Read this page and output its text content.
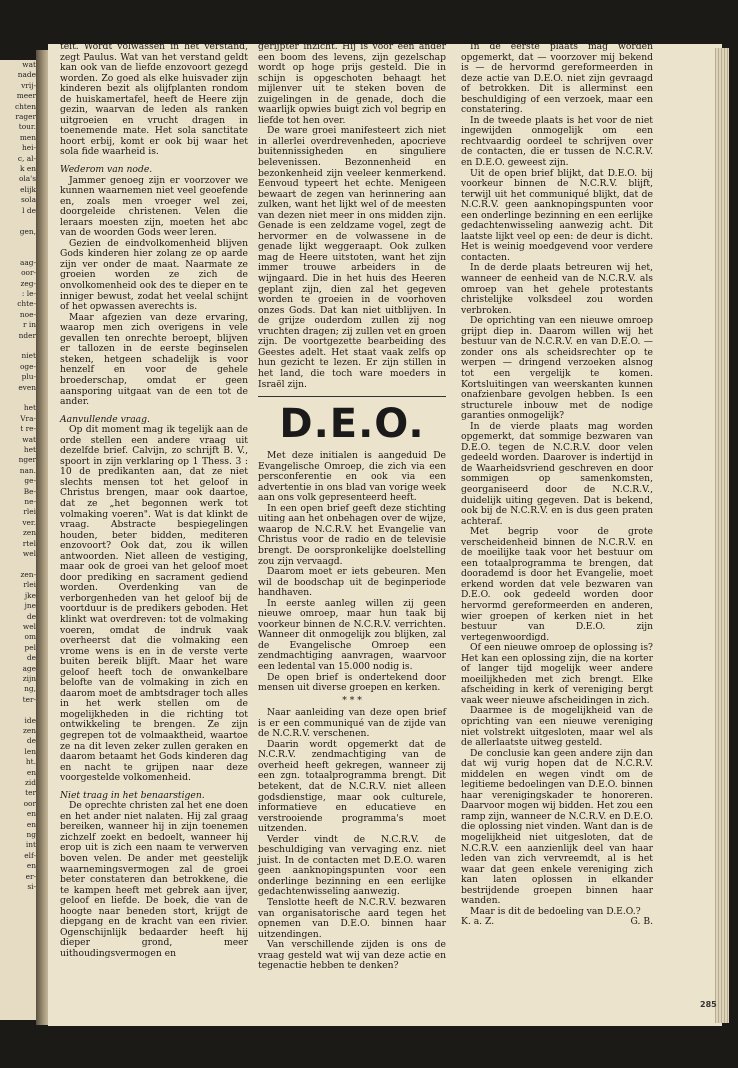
wat
nade
vrij-
meer
chten
rager
tour.
men
hei-
c, al-
k en
ola's
elijk
sola
l de

gen,

aag-
oor-
zeg-
: le-
chte-
noe-
r in
nder

niet
oge-
plu-
even

het
Vra-
t re-
wat
het
nger
nan.
ge-
Be-
ne-
rlei
ver.
zen
rtel
wel

zen-
rlei
jke
jne
de
wel
om
pel
de
age
zijn
ng,
ter-

ide
zen
de
len
ht.
en
zid
ter
oor
en
en
ng
int
elf-
en
er-
si-

teit. Wordt volwassen in het verstand, zegt Paulus. Wat van het verstand geldt kan ook van de liefde enzovoort gezegd worden. Zo goed als elke huisvader zijn kinderen bezit als olijfplanten rondom de huiskamertafel, heeft de Heere zijn gezin, waarvan de leden als ranken uitgroeien en vrucht dragen in toenemende mate. Het sola sanctitate hoort erbij, komt er ook bij waar het sola fide waarheid is.

Wederom van node.

Jammer genoeg zijn er voorzover we kunnen waarnemen niet veel geoefende en, zoals men vroeger wel zei, doorgeleide christenen. Velen die leraars moesten zijn, moeten het abc van de woorden Gods weer leren.

Gezien de eindvolkomenheid blijven Gods kinderen hier zolang ze op aarde zijn ver onder de maat. Naarmate ze groeien worden ze zich de onvolkomenheid ook des te dieper en te inniger bewust, zodat het veelal schijnt of het opwassen averechts is.

Maar afgezien van deze ervaring, waarop men zich overigens in vele gevallen ten onrechte beroept, blijven er tallozen in de eerste beginselen steken, hetgeen schadelijk is voor henzelf en voor de gehele broederschap, omdat er geen aansporing uitgaat van de een tot de ander.

Aanvullende vraag.

Op dit moment mag ik tegelijk aan de orde stellen een andere vraag uit dezelfde brief. Calvijn, zo schrijft B. V., spoort in zijn verklaring op 1 Thess. 3 : 10 de predikanten aan, dat ze niet slechts mensen tot het geloof in Christus brengen, maar ook daartoe, dat ze „het begonnen werk tot volmaking voeren". Wat is dat klinkt de vraag. Abstracte bespiegelingen houden, beter bidden, mediteren enzovoort? Ook dat, zou ik willen antwoorden. Niet alleen de vestiging, maar ook de groei van het geloof moet door prediking en sacrament gediend worden. Overdenking van de verborgenheden van het geloof bij de voortduur is de predikers geboden. Het klinkt wat overdreven: tot de volmaking voeren, omdat de indruk vaak overheerst dat die volmaking een vrome wens is en in de verste verte buiten bereik blijft. Maar het ware geloof heeft toch de onwankelbare belofte van de volmaking in zich en daarom moet de ambtsdrager toch alles in het werk stellen om de mogelijkheden in die richting tot ontwikkeling te brengen. Ze zijn gegrepen tot de volmaaktheid, waartoe ze na dit leven zeker zullen geraken en daarom betaamt het Gods kinderen dag en nacht te grijpen naar deze voorgestelde volkomenheid.

Niet traag in het benaarstigen.

De oprechte christen zal het ene doen en het ander niet nalaten. Hij zal graag bereiken, wanneer hij in zijn toenemen zichzelf zoekt en bedoelt, wanneer hij erop uit is zich een naam te verwerven boven velen. De ander met geestelijk waarnemingsvermogen zal de groei beter constateren dan betrokkene, die te kampen heeft met gebrek aan ijver, geloof en liefde. De boek, die van de hoogte naar beneden stort, krijgt de diepgang en de kracht van een rivier. Ogenschijnlijk bedaarder heeft hij dieper grond, meer uithoudingsvermogen en

gerijpter inzicht. Hij is voor een ander een boom des levens, zijn gezelschap wordt op hoge prijs gesteld. Die in schijn is opgeschoten behaagt het mijlenver uit te steken boven de zuigelingen in de genade, doch die waarlijk opwies buigt zich vol begrip en liefde tot hen over.

De ware groei manifesteert zich niet in allerlei overdrevenheden, apocrieve buitennissigheden en singuliere belevenissen. Bezonnenheid en bezonkenheid zijn veeleer kenmerkend. Eenvoud typeert het echte. Menigeen bewaart de zegen van herinnering aan zulken, want het lijkt wel of de meesten van dezen niet meer in ons midden zijn. Genade is een zeldzame vogel, zegt de hervormer en de volwassene in de genade lijkt weggeraapt. Ook zulken mag de Heere uitstoten, want het zijn immer trouwe arbeiders in de wijngaard. Die in het huis des Heeren geplant zijn, dien zal het gegeven worden te groeien in de voorhoven onzes Gods. Dat kan niet uitblijven. In de grijze ouderdom zullen zij nog vruchten dragen; zij zullen vet en groen zijn. De voortgezette bearbeiding des Geestes adelt. Het staat vaak zelfs op hun gezicht te lezen. Er zijn stillen in het land, die toch ware moeders in Israël zijn.

D.E.O.

Met deze initialen is aangeduid De Evangelische Omroep, die zich via een persconferentie en ook via een advertentie in ons blad van vorige week aan ons volk gepresenteerd heeft.

In een open brief geeft deze stichting uiting aan het onbehagen over de wijze, waarop de N.C.R.V. het Evangelie van Christus voor de radio en de televisie brengt. De oorspronkelijke doelstelling zou zijn vervaagd.

Daarom moet er iets gebeuren. Men wil de boodschap uit de beginperiode handhaven.

In eerste aanleg willen zij geen nieuwe omroep, maar hun taak bij voorkeur binnen de N.C.R.V. verrichten. Wanneer dit onmogelijk zou blijken, zal de Evangelische Omroep een zendmachtiging aanvragen, waarvoor een ledental van 15.000 nodig is.

De open brief is ondertekend door mensen uit diverse groepen en kerken.

* * *

Naar aanleiding van deze open brief is er een communiqué van de zijde van de N.C.R.V. verschenen.

Daarin wordt opgemerkt dat de N.C.R.V. zendmachtiging van de overheid heeft gekregen, wanneer zij een zgn. totaalprogramma brengt. Dit betekent, dat de N.C.R.V. niet alleen godsdienstige, maar ook culturele, informatieve en educatieve en verstrooiende programma's moet uitzenden.

Verder vindt de N.C.R.V. de beschuldiging van vervaging enz. niet juist. In de contacten met D.E.O. waren geen aanknopingspunten voor een onderlinge bezinning en een eerlijke gedachtenwisseling aanwezig.

Tenslotte heeft de N.C.R.V. bezwaren van organisatorische aard tegen het opnemen van D.E.O. binnen haar uitzendingen.

Van verschillende zijden is ons de vraag gesteld wat wij van deze actie en tegenactie hebben te denken?

In de eerste plaats mag worden opgemerkt, dat — voorzover mij bekend is — de hervormd gereformeerden in deze actie van D.E.O. niet zijn gevraagd of betrokken. Dit is allerminst een beschuldiging of een verzoek, maar een constatering.

In de tweede plaats is het voor de niet ingewijden onmogelijk om een rechtvaardig oordeel te schrijven over de contacten, die er tussen de N.C.R.V. en D.E.O. geweest zijn.

Uit de open brief blijkt, dat D.E.O. bij voorkeur binnen de N.C.R.V. blijft, terwijl uit het communiqué blijkt, dat de N.C.R.V. geen aanknopingspunten voor een onderlinge bezinning en een eerlijke gedachtenwisseling aanwezig acht. Dit laatste lijkt veel op een: de deur is dicht. Het is weinig moedgevend voor verdere contacten.

In de derde plaats betreuren wij het, wanneer de eenheid van de N.C.R.V. als omroep van het gehele protestants christelijke volksdeel zou worden verbroken.

De oprichting van een nieuwe omroep grijpt diep in. Daarom willen wij het bestuur van de N.C.R.V. en van D.E.O. — zonder ons als scheidsrechter op te werpen — dringend verzoeken alsnog tot een vergelijk te komen. Kortsluitingen van weerskanten kunnen onafzienbare gevolgen hebben. Is een structurele inbouw met de nodige garanties onmogelijk?

In de vierde plaats mag worden opgemerkt, dat sommige bezwaren van D.E.O. tegen de N.C.R.V. door velen gedeeld worden. Daarover is indertijd in de Waarheidsvriend geschreven en door sommigen op samenkomsten, georganiseerd door de N.C.R.V., duidelijk uiting gegeven. Dat is bekend, ook bij de N.C.R.V. en is dus geen praten achteraf.

Met begrip voor de grote verscheidenheid binnen de N.C.R.V. en de moeilijke taak voor het bestuur om een totaalprogramma te brengen, dat doorademd is door het Evangelie, moet erkend worden dat vele bezwaren van D.E.O. ook gedeeld worden door hervormd gereformeerden en anderen, wier groepen of kerken niet in het bestuur van D.E.O. zijn vertegenwoordigd.

Of een nieuwe omroep de oplossing is? Het kan een oplossing zijn, die na korter of langer tijd mogelijk weer andere moeilijkheden met zich brengt. Elke afscheiding in kerk of vereniging bergt vaak weer nieuwe afscheidingen in zich.

Daarmee is de mogelijkheid van de oprichting van een nieuwe vereniging niet volstrekt uitgesloten, maar wel als de allerlaatste uitweg gesteld.

De conclusie kan geen andere zijn dan dat wij vurig hopen dat de N.C.R.V. middelen en wegen vindt om de legitieme bedoelingen van D.E.O. binnen haar verenigingskader te honoreren. Daarvoor mogen wij bidden. Het zou een ramp zijn, wanneer de N.C.R.V. en D.E.O. die oplossing niet vinden. Want dan is de mogelijkheid niet uitgesloten, dat de N.C.R.V. een aanzienlijk deel van haar leden van zich vervreemdt, al is het waar dat geen enkele vereniging zich kan laten oplossen in elkander bestrijdende groepen binnen haar wanden.

Maar is dit de bedoeling van D.E.O.?

K. a. Z.	G. B.
285
